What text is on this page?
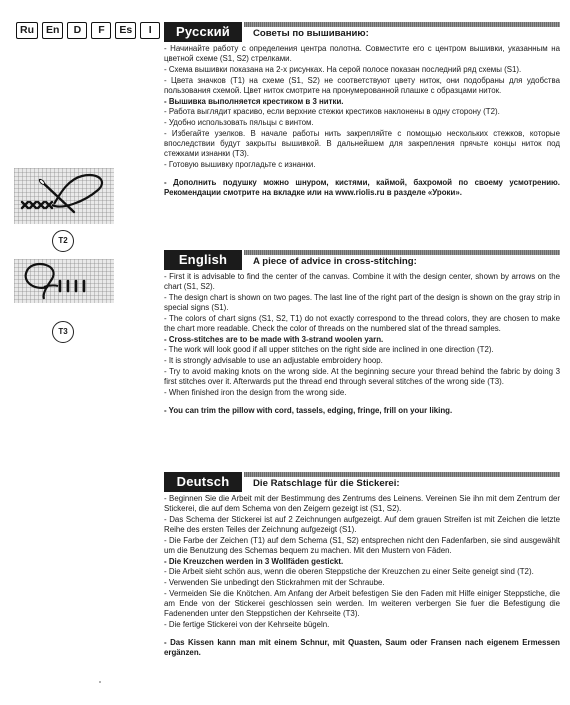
Ru	En	D	F	Es	I	Русский	Советы по вышиванию:

- Начинайте работу с определения центра полотна. Совместите его с центром вышивки, указанным на цветной схеме (S1, S2) стрелками.

- Схема вышивки показана на 2-х рисунках. На серой полосе показан последний ряд схемы (S1).

- Цвета значков (T1) на схеме (S1, S2) не соответствуют цвету ниток, они подобраны для удобства пользования схемой. Цвет ниток смотрите на пронумерованной плашке с образцами ниток.

- Вышивка выполняется крестиком в 3 нитки.

- Работа выглядит красиво, если верхние стежки крестиков наклонены в одну сторону (T2).

- Удобно использовать пяльцы с винтом.

- Избегайте узелков. В начале работы нить закрепляйте с помощью нескольких стежков, которые впоследствии будут закрыты вышивкой. В дальнейшем для закрепления прячьте концы ниток под стежками изнанки (T3).

- Готовую вышивку прогладьте с изнанки.

- Дополнить подушку можно шнуром, кистями, каймой, бахромой по своему усмотрению. Рекомендации смотрите на вкладке или на www.riolis.ru в разделе «Уроки».

T2
English	A piece of advice in cross-stitching:

- First it is advisable to find the center of the canvas. Combine it with the design center, shown by arrows on the chart (S1, S2).

- The design chart is shown on two pages. The last line of the right part of the design is shown on the gray strip in special signs (S1).

- The colors of chart signs (S1, S2, T1) do not exactly correspond to the thread colors, they are chosen to make the chart more readable. Check the color of threads on the numbered slat of the thread samples.

- Cross-stitches are to be made with 3-strand woolen yarn.

- The work will look good if all upper stitches on the right side are inclined in one direction (T2).

- It is strongly advisable to use an adjustable embroidery hoop.

- Try to avoid making knots on the wrong side. At the beginning secure your thread behind the fabric by doing 3 first stitches over it. Afterwards put the thread end through several stitches of the wrong side (T3).

- When finished iron the design from the wrong side.

- You can trim the pillow with cord, tassels, edging, fringe, frill on your liking.

T3
Deutsch	Die Ratschlage für die Stickerei:

- Beginnen Sie die Arbeit mit der Bestimmung des Zentrums des Leinens. Vereinen Sie ihn mit dem Zentrum der Stickerei, die auf dem Schema von den Zeigern gezeigt ist (S1, S2).

- Das Schema der Stickerei ist auf 2 Zeichnungen aufgezeigt. Auf dem grauen Streifen ist mit Zeichen die letzte Reihe des ersten Teiles der Zeichnung aufgezeigt (S1).

- Die Farbe der Zeichen (T1) auf dem Schema (S1, S2) entsprechen nicht den Fadenfarben, sie sind ausgewählt um die Benutzung des Schemas bequem zu machen. Mit den Mustern von Fäden.

- Die Kreuzchen werden in 3 Wollfäden gestickt.

- Die Arbeit sieht schön aus, wenn die oberen Steppstiche der Kreuzchen zu einer Seite geneigt sind (T2).

- Verwenden Sie unbedingt den Stickrahmen mit der Schraube.

- Vermeiden Sie die Knötchen. Am Anfang der Arbeit befestigen Sie den Faden mit Hilfe einiger Steppstiche, die am Ende von der Stickerei geschlossen sein werden. Im weiteren verbergen Sie fuer die Befestigung die Fadenenden unter den Steppstichen der Kehrseite (T3).

- Die fertige Stickerei von der Kehrseite bügeln.

- Das Kissen kann man mit einem Schnur, mit Quasten, Saum oder Fransen nach eigenem Ermessen ergänzen.
